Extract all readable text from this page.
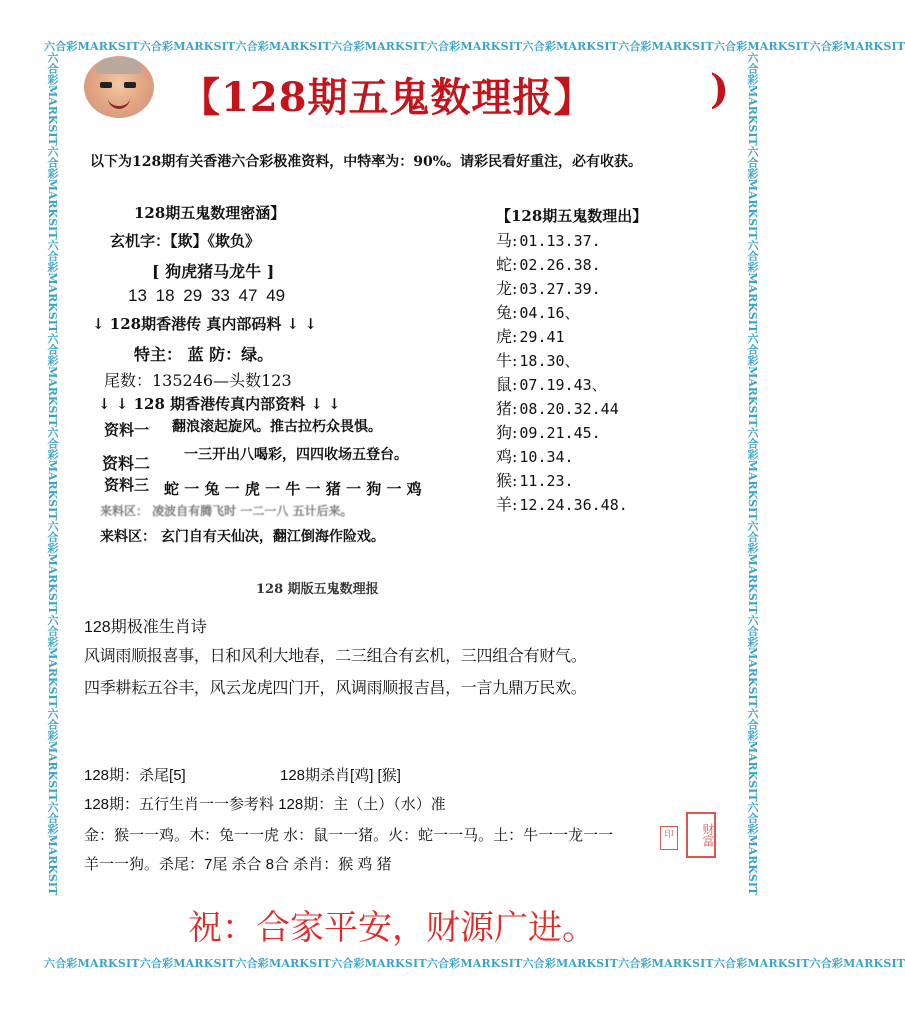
六合彩MARKSIT六合彩MARKSIT六合彩MARKSIT六合彩MARKSIT六合彩MARKSIT六合彩MARKSIT六合彩MARKSIT六合彩MARKSIT六合彩MARKSIT
六合彩MARKSIT六合彩MARKSIT六合彩MARKSIT六合彩MARKSIT六合彩MARKSIT六合彩MARKSIT六合彩MARKSIT六合彩MARKSIT六合彩MARKSIT
六合彩MARKSIT六合彩MARKSIT六合彩MARKSIT六合彩MARKSIT六合彩MARKSIT六合彩MARKSIT六合彩MARKSIT六合彩MARKSIT六合彩MARKSIT	六合彩MARKSIT六合彩MARKSIT六合彩MARKSIT六合彩MARKSIT六合彩MARKSIT六合彩MARKSIT六合彩MARKSIT六合彩MARKSIT六合彩MARKSIT
【128期五鬼数理报】	)
以下为128期有关香港六合彩极准资料，中特率为：90%。请彩民看好重注，必有收获。
128期五鬼数理密涵】
玄机字：【欺】《欺负》
[ 狗虎猪马龙牛 ]
13 18 29 33 47 49
↓ 128期香港传 真内部码料 ↓ ↓
特主： 蓝 防：绿。
尾数：135246—头数123
↓ ↓ 128 期香港传真内部资料 ↓ ↓
资料一 翻浪滚起旋风。推古拉朽众畏惧。
资料二 一三开出八喝彩，四四收场五登台。
资料三 蛇 一 兔 一 虎 一 牛 一 猪 一 狗 一 鸡
来料区： 凌波自有腾飞时 一二一八 五计后来。
来料区： 玄门自有天仙决，翻江倒海作险戏。
【128期五鬼数理出】
马: 01.13.37.
蛇: 02.26.38.
龙: 03.27.39.
兔: 04.16、
虎: 29.41
牛: 18.30、
鼠: 07.19.43、
猪: 08.20.32.44
狗: 09.21.45.
鸡: 10.34.
猴: 11.23.
羊: 12.24.36.48.
128 期版五鬼数理报
128期极准生肖诗
风调雨顺报喜事，日和风利大地春，二三组合有玄机，三四组合有财气。
四季耕耘五谷丰，风云龙虎四门开，风调雨顺报吉昌，一言九鼎万民欢。
128期：杀尾[5]	128期杀肖[鸡] [猴]
128期：五行生肖一一参考料 128期：主（土）（水）准
金：猴一一鸡。木：兔一一虎 水：鼠一一猪。火：蛇一一马。土：牛一一龙一一
羊一一狗。杀尾：7尾 杀合 8合 杀肖：猴 鸡 猪
印	财富
祝：合家平安，财源广进。
